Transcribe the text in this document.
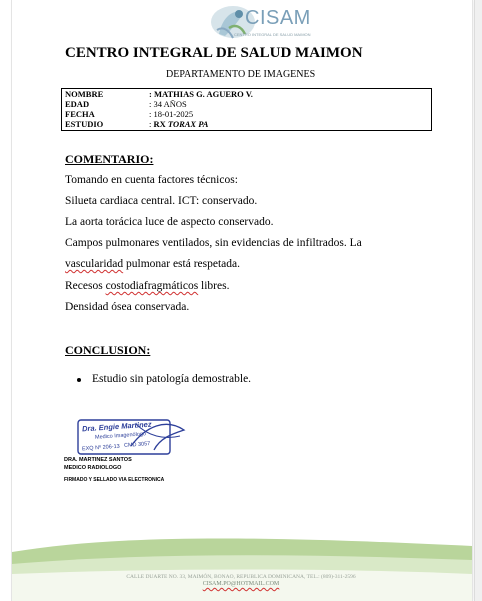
CISAM
CENTRO INTEGRAL DE SALUD MAIMON
CENTRO INTEGRAL DE SALUD MAIMON
DEPARTAMENTO DE IMAGENES
NOMBRE	: MATHIAS G. AGUERO V.
EDAD	: 34 AÑOS
FECHA	: 18-01-2025
ESTUDIO	: RX TORAX PA
COMENTARIO:
Tomando en cuenta factores técnicos:
Silueta cardiaca central. ICT: conservado.
La aorta torácica luce de aspecto conservado.
Campos pulmonares ventilados, sin evidencias de infiltrados. La
vascularidad pulmonar está respetada.
Recesos costodiafragmáticos libres.
Densidad ósea conservada.
CONCLUSION:
Estudio sin patología demostrable.
Dra. Engie Martinez
Medico Imagenólogo
EXQ Nº 206-13 CMD 3057
DRA. MARTINEZ SANTOS
MEDICO RADIOLOGO
FIRMADO Y SELLADO VIA ELECTRONICA
CALLE DUARTE NO. 33, MAIMÓN, BONAO, REPUBLICA DOMINICANA, TEL.: (809)-311-2596
CISAM.PO@HOTMAIL.COM
